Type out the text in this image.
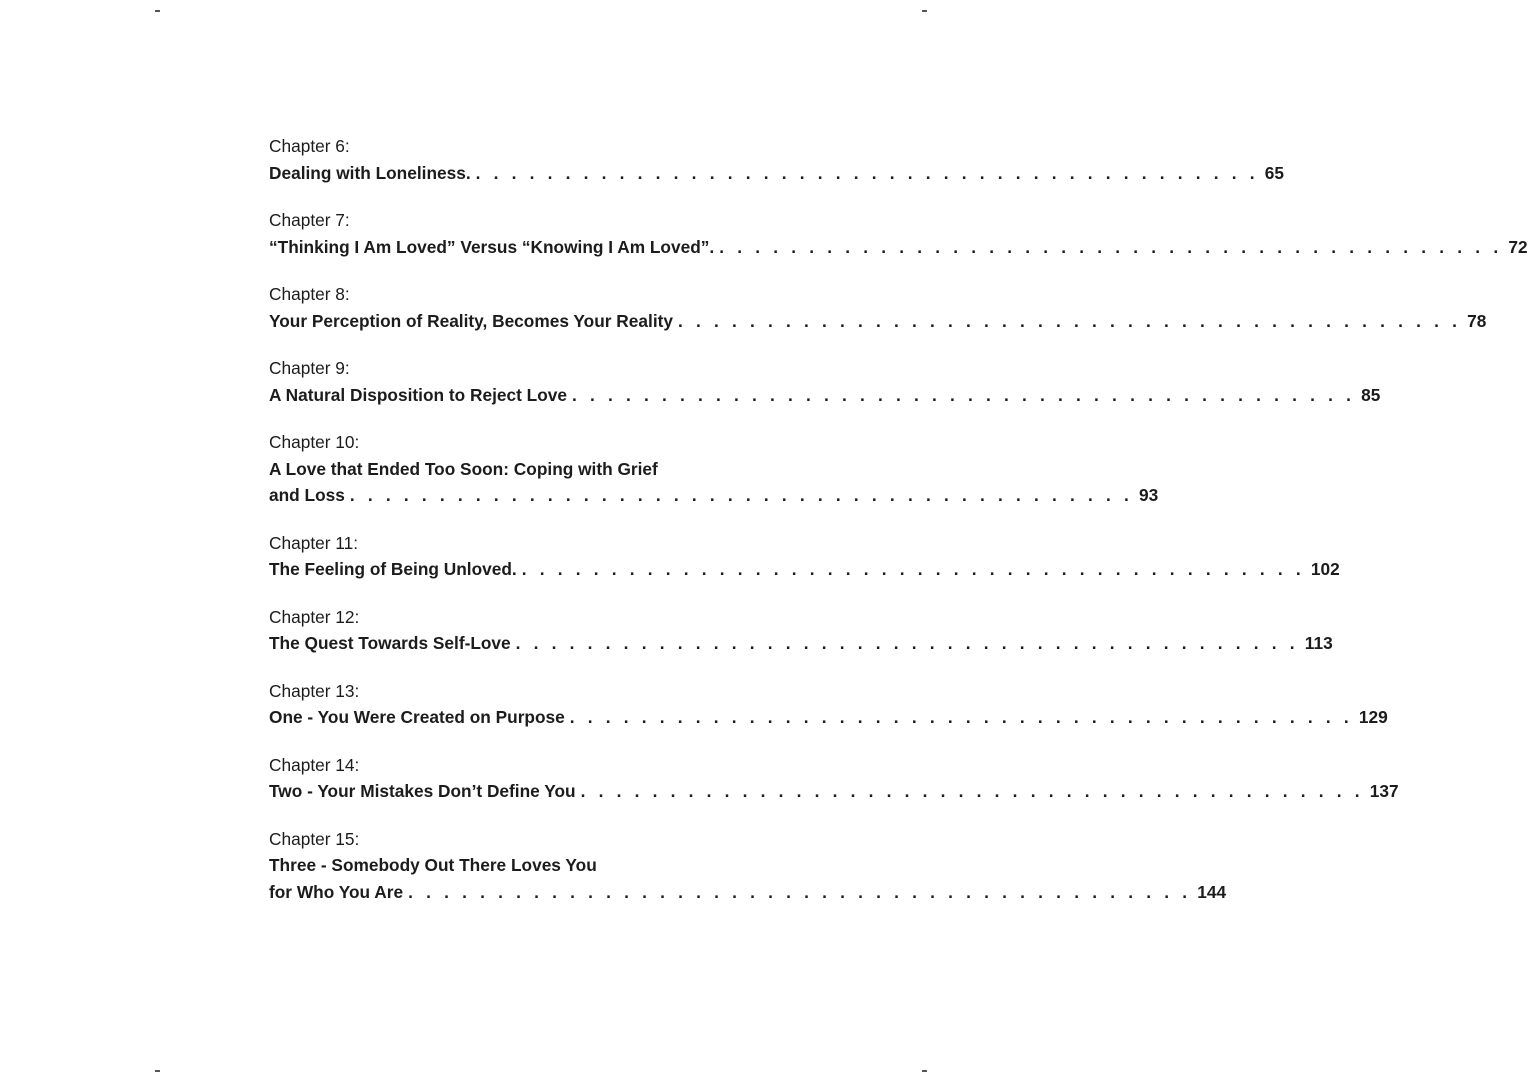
Chapter 6:
Dealing with Loneliness. . . . . . . . . . . . . . . . . . . . . . . . . . . . . . . . . . . . . . . . . . . . . 65
Chapter 7:
“Thinking I Am Loved” Versus “Knowing I Am Loved”. . . . . . . . . . . . . . . . . . . . . . . . . . . . . . . . . . . . . . . . . . . . . 72
Chapter 8:
Your Perception of Reality, Becomes Your Reality . . . . . . . . . . . . . . . . . . . . . . . . . . . . . . . . . . . . . . . . . . . . 78
Chapter 9:
A Natural Disposition to Reject Love . . . . . . . . . . . . . . . . . . . . . . . . . . . . . . . . . . . . . . . . . . . . 85
Chapter 10:
A Love that Ended Too Soon: Coping with Grief
and Loss . . . . . . . . . . . . . . . . . . . . . . . . . . . . . . . . . . . . . . . . . . . . 93
Chapter 11:
The Feeling of Being Unloved. . . . . . . . . . . . . . . . . . . . . . . . . . . . . . . . . . . . . . . . . . . . . 102
Chapter 12:
The Quest Towards Self-Love . . . . . . . . . . . . . . . . . . . . . . . . . . . . . . . . . . . . . . . . . . . . 113
Chapter 13:
One - You Were Created on Purpose . . . . . . . . . . . . . . . . . . . . . . . . . . . . . . . . . . . . . . . . . . . . 129
Chapter 14:
Two - Your Mistakes Don’t Define You . . . . . . . . . . . . . . . . . . . . . . . . . . . . . . . . . . . . . . . . . . . . 137
Chapter 15:
Three - Somebody Out There Loves You
for Who You Are . . . . . . . . . . . . . . . . . . . . . . . . . . . . . . . . . . . . . . . . . . . . 144
